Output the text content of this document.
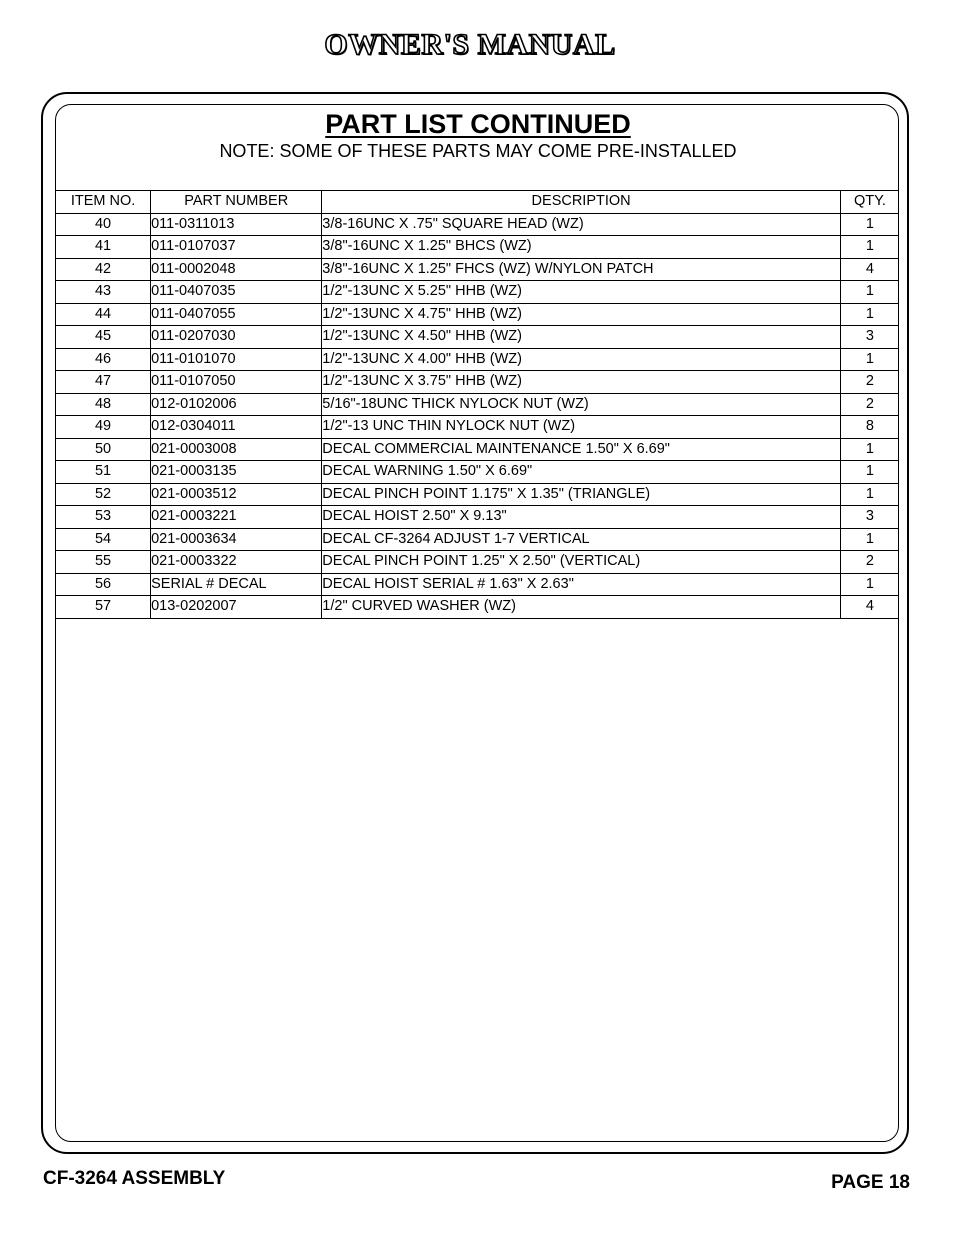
OWNER'S MANUAL
PART LIST CONTINUED

NOTE: SOME OF THESE PARTS MAY COME PRE-INSTALLED

ITEM NO.	PART NUMBER	DESCRIPTION	QTY.
40	011-0311013	3/8-16UNC X .75" SQUARE HEAD (WZ)	1
41	011-0107037	3/8"-16UNC X 1.25" BHCS (WZ)	1
42	011-0002048	3/8"-16UNC X 1.25" FHCS (WZ) W/NYLON PATCH	4
43	011-0407035	1/2"-13UNC X 5.25" HHB (WZ)	1
44	011-0407055	1/2"-13UNC X 4.75" HHB (WZ)	1
45	011-0207030	1/2"-13UNC X 4.50" HHB (WZ)	3
46	011-0101070	1/2"-13UNC X 4.00" HHB (WZ)	1
47	011-0107050	1/2"-13UNC X 3.75" HHB (WZ)	2
48	012-0102006	5/16"-18UNC THICK NYLOCK NUT (WZ)	2
49	012-0304011	1/2"-13 UNC THIN NYLOCK NUT (WZ)	8
50	021-0003008	DECAL COMMERCIAL MAINTENANCE 1.50" X 6.69"	1
51	021-0003135	DECAL WARNING 1.50" X 6.69"	1
52	021-0003512	DECAL PINCH POINT 1.175" X 1.35" (TRIANGLE)	1
53	021-0003221	DECAL HOIST 2.50" X 9.13"	3
54	021-0003634	DECAL CF-3264 ADJUST 1-7 VERTICAL	1
55	021-0003322	DECAL PINCH POINT 1.25" X 2.50" (VERTICAL)	2
56	SERIAL # DECAL	DECAL HOIST SERIAL # 1.63" X 2.63"	1
57	013-0202007	1/2" CURVED WASHER (WZ)	4

CF-3264 ASSEMBLY	PAGE 18
